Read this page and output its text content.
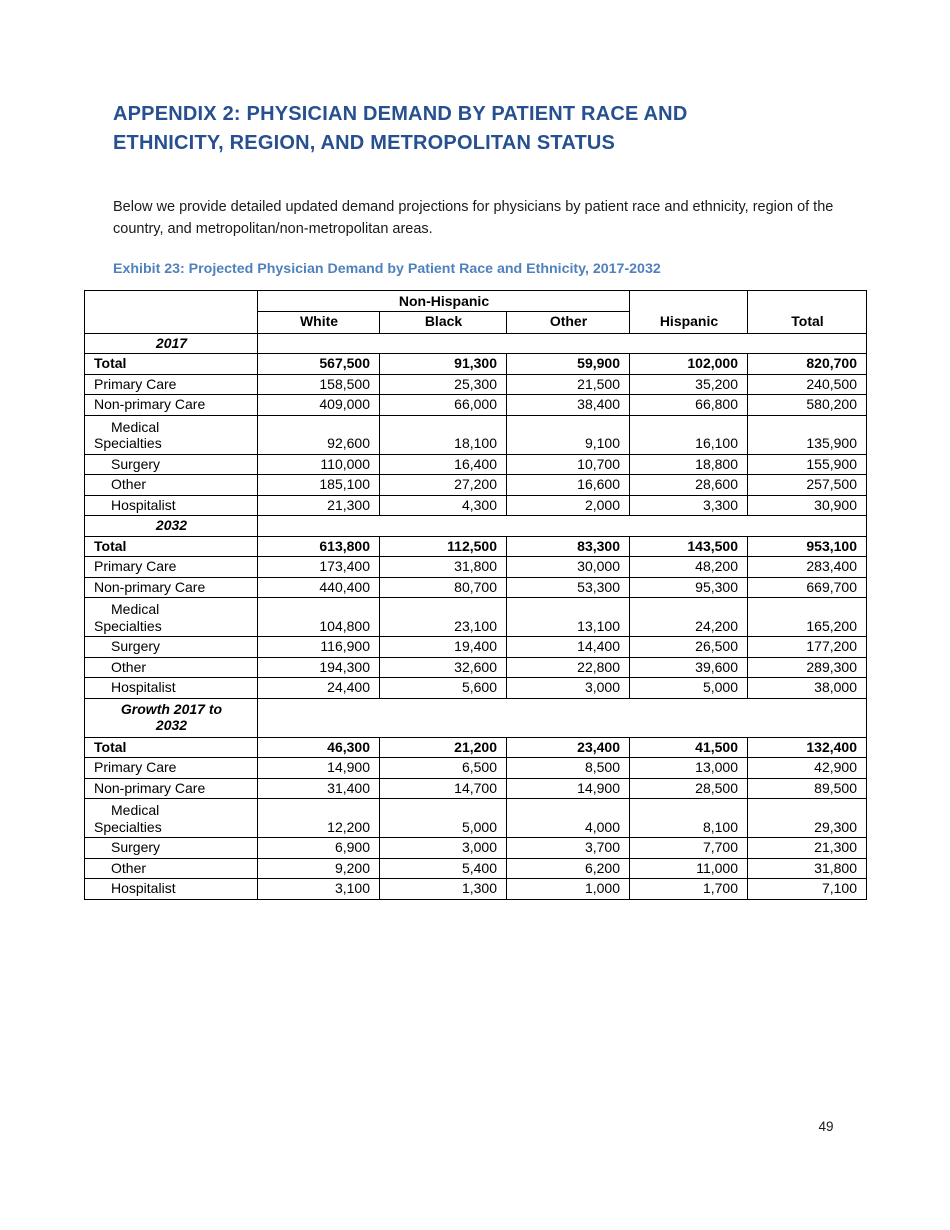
APPENDIX 2: PHYSICIAN DEMAND BY PATIENT RACE AND ETHNICITY, REGION, AND METROPOLITAN STATUS

Below we provide detailed updated demand projections for physicians by patient race and ethnicity, region of the country, and metropolitan/non-metropolitan areas.

Exhibit 23: Projected Physician Demand by Patient Race and Ethnicity, 2017-2032
	Non-Hispanic			Hispanic	Total
	White	Black	Other		

2017					

Total	567,500	91,300	59,900	102,000	820,700
Primary Care	158,500	25,300	21,500	35,200	240,500
Non-primary Care	409,000	66,000	38,400	66,800	580,200

Medical
Specialties	92,600	18,100	9,100	16,100	135,900
Surgery	110,000	16,400	10,700	18,800	155,900
Other	185,100	27,200	16,600	28,600	257,500
Hospitalist	21,300	4,300	2,000	3,300	30,900

2032					

Total	613,800	112,500	83,300	143,500	953,100
Primary Care	173,400	31,800	30,000	48,200	283,400
Non-primary Care	440,400	80,700	53,300	95,300	669,700

Medical
Specialties	104,800	23,100	13,100	24,200	165,200
Surgery	116,900	19,400	14,400	26,500	177,200
Other	194,300	32,600	22,800	39,600	289,300
Hospitalist	24,400	5,600	3,000	5,000	38,000

Growth 2017 to
2032					

Total	46,300	21,200	23,400	41,500	132,400
Primary Care	14,900	6,500	8,500	13,000	42,900
Non-primary Care	31,400	14,700	14,900	28,500	89,500

Medical
Specialties	12,200	5,000	4,000	8,100	29,300
Surgery	6,900	3,000	3,700	7,700	21,300
Other	9,200	5,400	6,200	11,000	31,800
Hospitalist	3,100	1,300	1,000	1,700	7,100
49
